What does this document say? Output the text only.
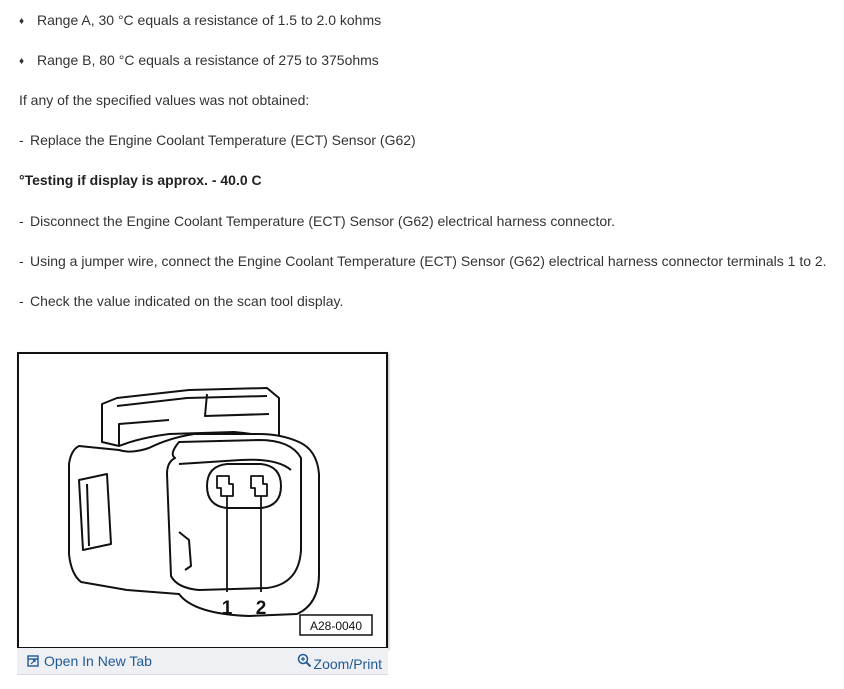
♦ Range A, 30 °C equals a resistance of 1.5 to 2.0 kohms
♦ Range B, 80 °C equals a resistance of 275 to 375ohms
If any of the specified values was not obtained:
- Replace the Engine Coolant Temperature (ECT) Sensor (G62)
°Testing if display is approx. - 40.0 C
- Disconnect the Engine Coolant Temperature (ECT) Sensor (G62) electrical harness connector.
- Using a jumper wire, connect the Engine Coolant Temperature (ECT) Sensor (G62) electrical harness connector terminals 1 to 2.
- Check the value indicated on the scan tool display.
1 2
A28-0040
Open In New Tab	Zoom/Print
